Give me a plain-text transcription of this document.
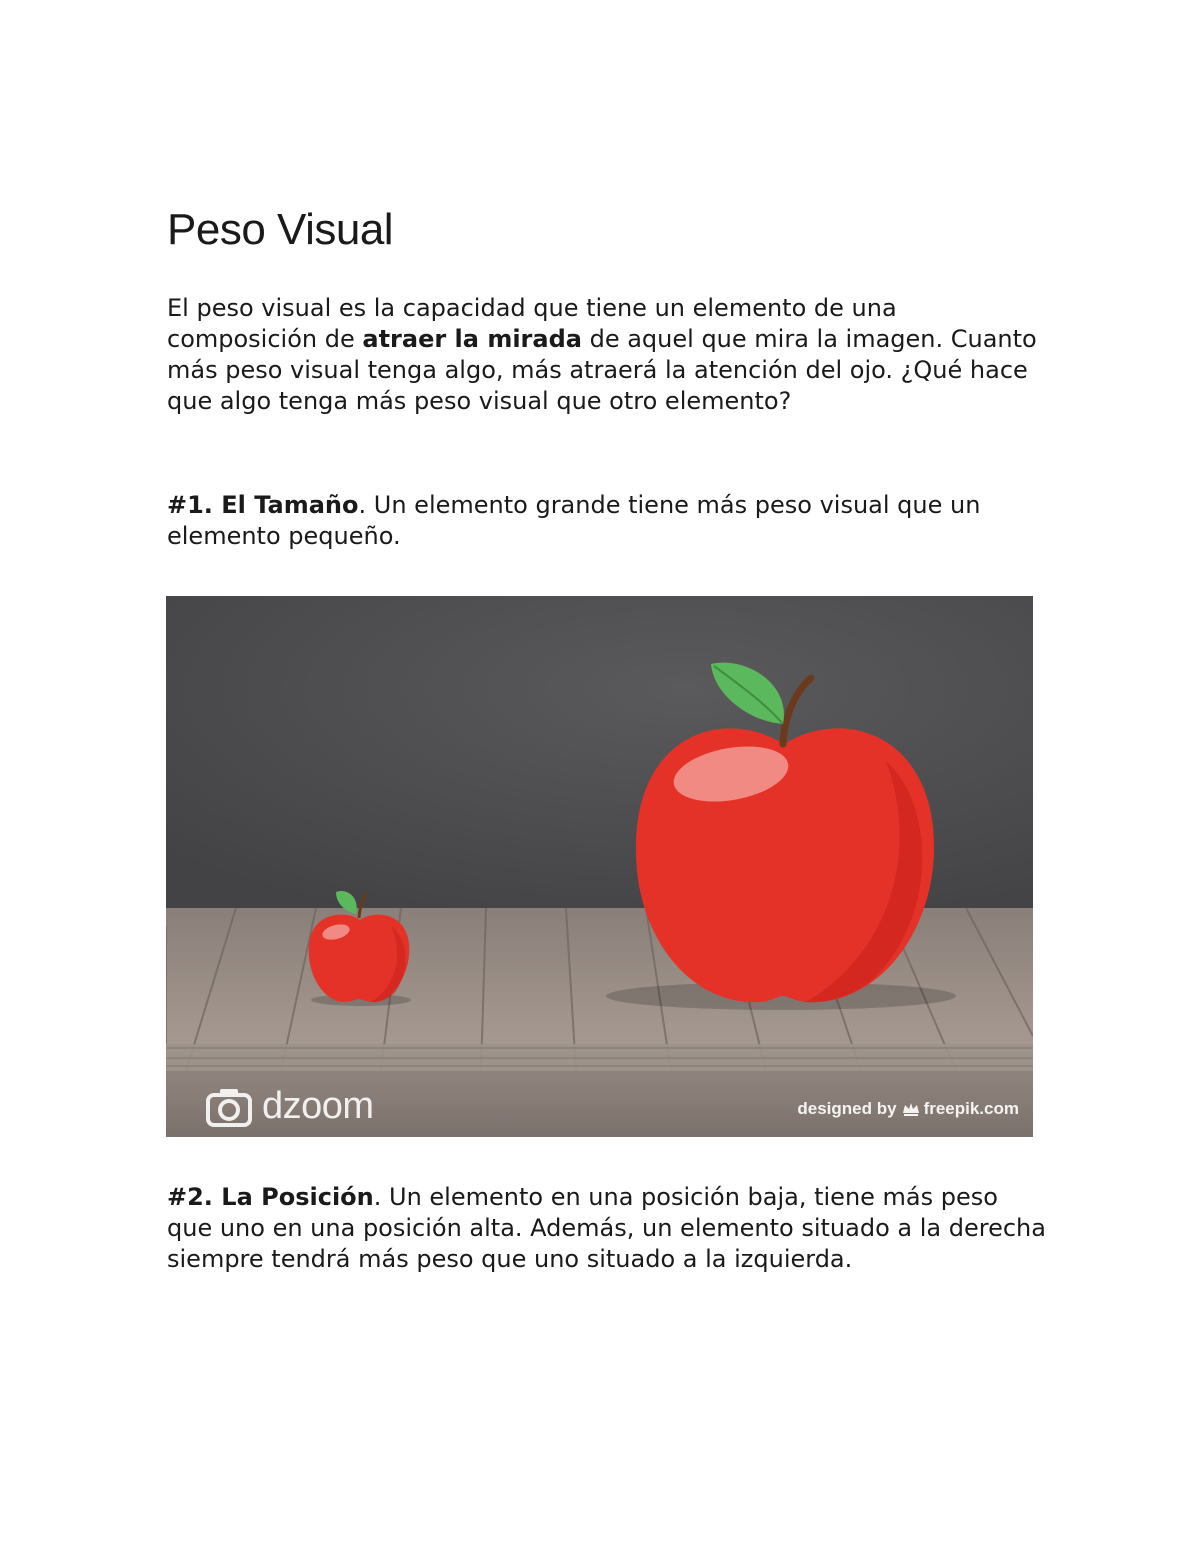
Peso Visual

El peso visual es la capacidad que tiene un elemento de una composición de atraer la mirada de aquel que mira la imagen. Cuanto más peso visual tenga algo, más atraerá la atención del ojo. ¿Qué hace que algo tenga más peso visual que otro elemento?

#1. El Tamaño. Un elemento grande tiene más peso visual que un elemento pequeño.

dzoom	designed by freepik.com

#2. La Posición. Un elemento en una posición baja, tiene más peso que uno en una posición alta. Además, un elemento situado a la derecha siempre tendrá más peso que uno situado a la izquierda.
